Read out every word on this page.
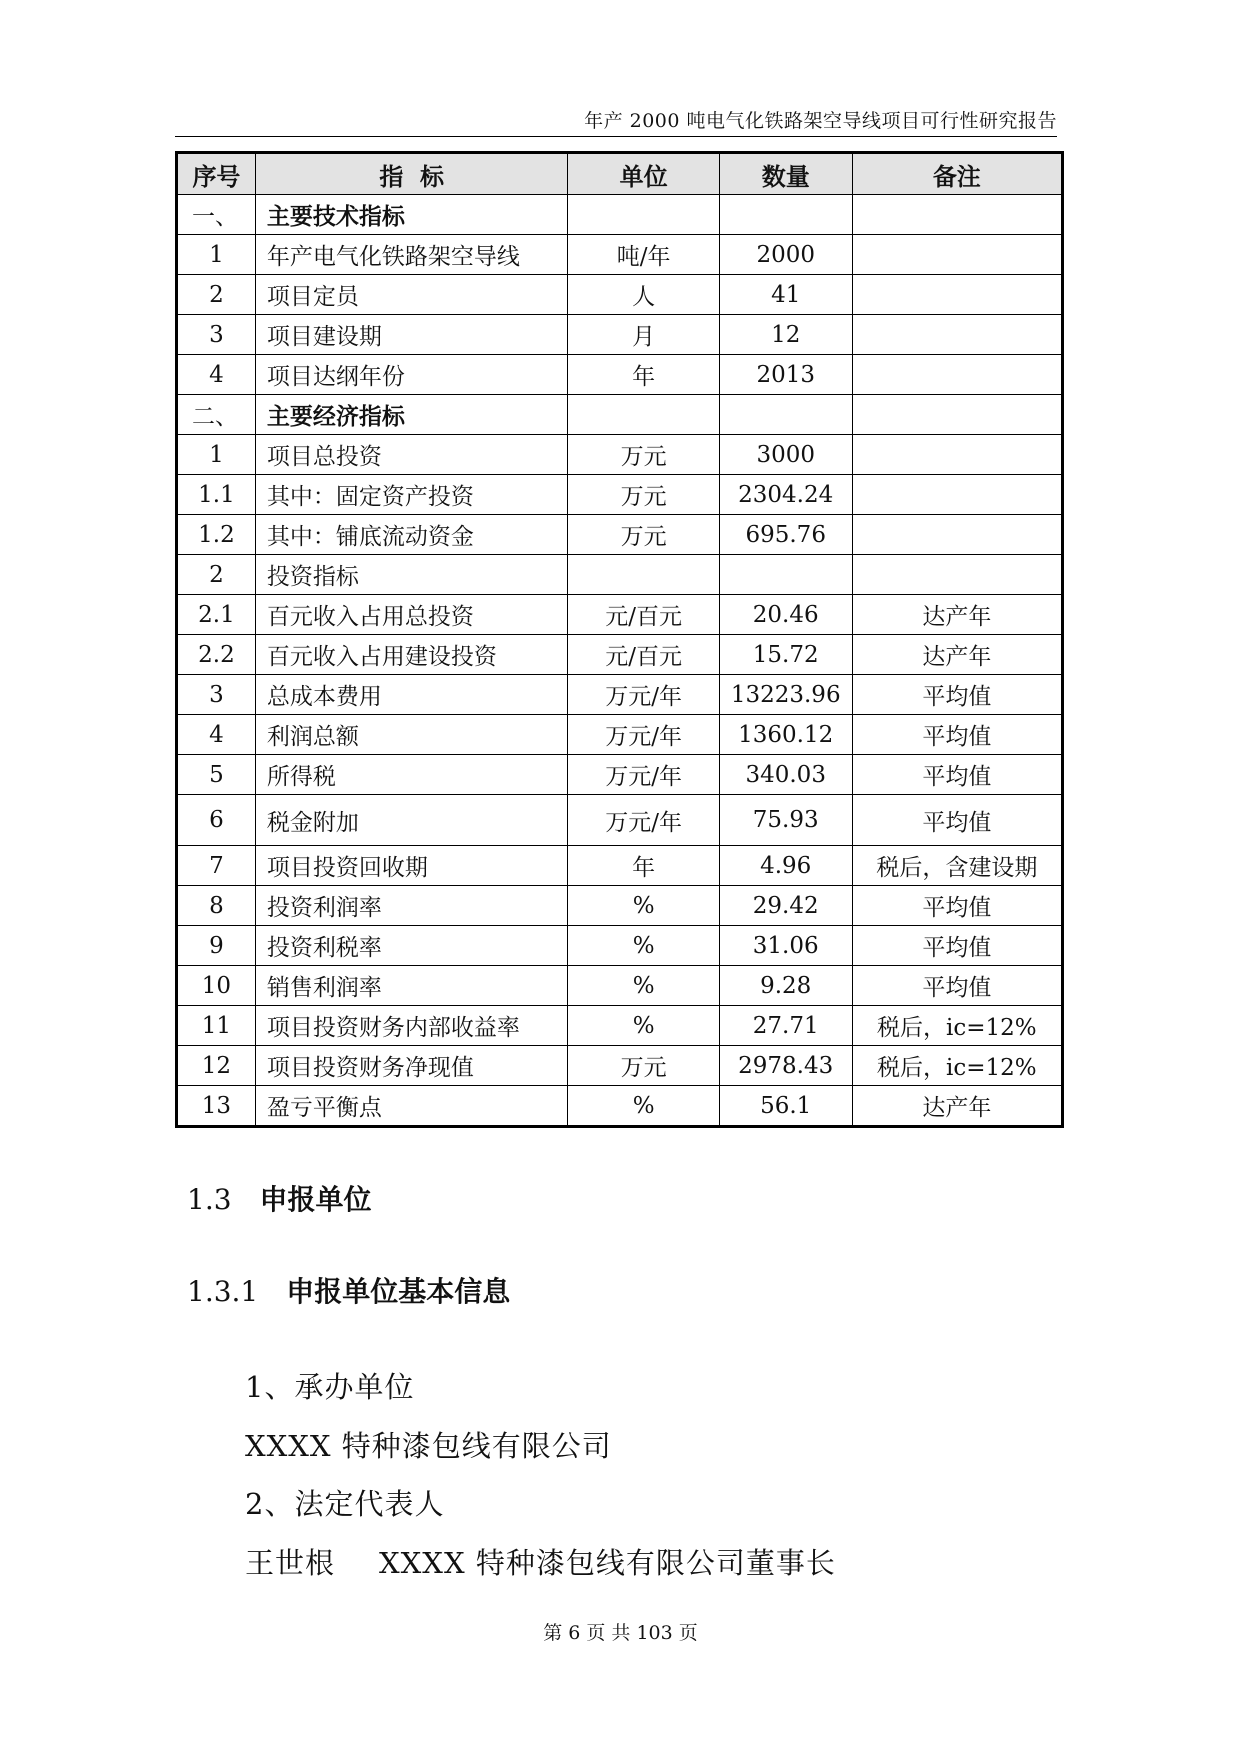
年产 2000 吨电气化铁路架空导线项目可行性研究报告
序号	指  标	单位	数量	备注
一、	主要技术指标			
1	年产电气化铁路架空导线	吨/年	2000	
2	项目定员	人	41	
3	项目建设期	月	12	
4	项目达纲年份	年	2013	
二、	主要经济指标			
1	项目总投资	万元	3000	
1.1	其中：固定资产投资	万元	2304.24	
1.2	其中：铺底流动资金	万元	695.76	
2	投资指标			
2.1	百元收入占用总投资	元/百元	20.46	达产年
2.2	百元收入占用建设投资	元/百元	15.72	达产年
3	总成本费用	万元/年	13223.96	平均值
4	利润总额	万元/年	1360.12	平均值
5	所得税	万元/年	340.03	平均值
6	税金附加	万元/年	75.93	平均值
7	项目投资回收期	年	4.96	税后，含建设期
8	投资利润率	%	29.42	平均值
9	投资利税率	%	31.06	平均值
10	销售利润率	%	9.28	平均值
11	项目投资财务内部收益率	%	27.71	税后，ic=12%
12	项目投资财务净现值	万元	2978.43	税后，ic=12%
13	盈亏平衡点	%	56.1	达产年
1.3 申报单位
1.3.1 申报单位基本信息

1、承办单位

XXXX 特种漆包线有限公司

2、法定代表人

王世根 XXXX 特种漆包线有限公司董事长

第 6 页 共 103 页
